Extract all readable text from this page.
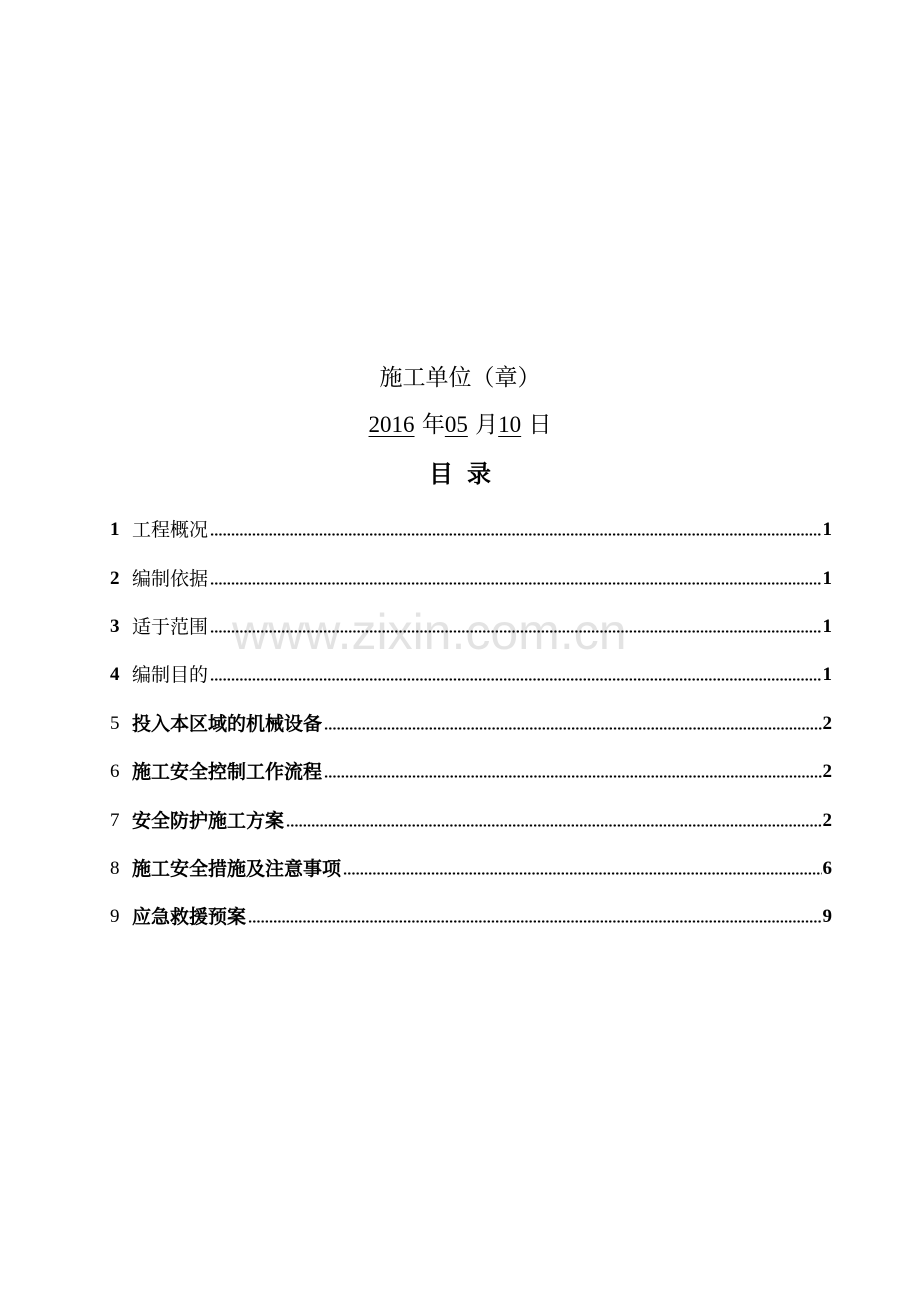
施工单位（章）
2016 年05 月10 日
目录
1 工程概况	1
2 编制依据	1
3 适于范围	1
4 编制目的	1
5 投入本区域的机械设备	2
6 施工安全控制工作流程	2
7 安全防护施工方案	2
8 施工安全措施及注意事项	6
9 应急救援预案	9
www.zixin.com.cn
